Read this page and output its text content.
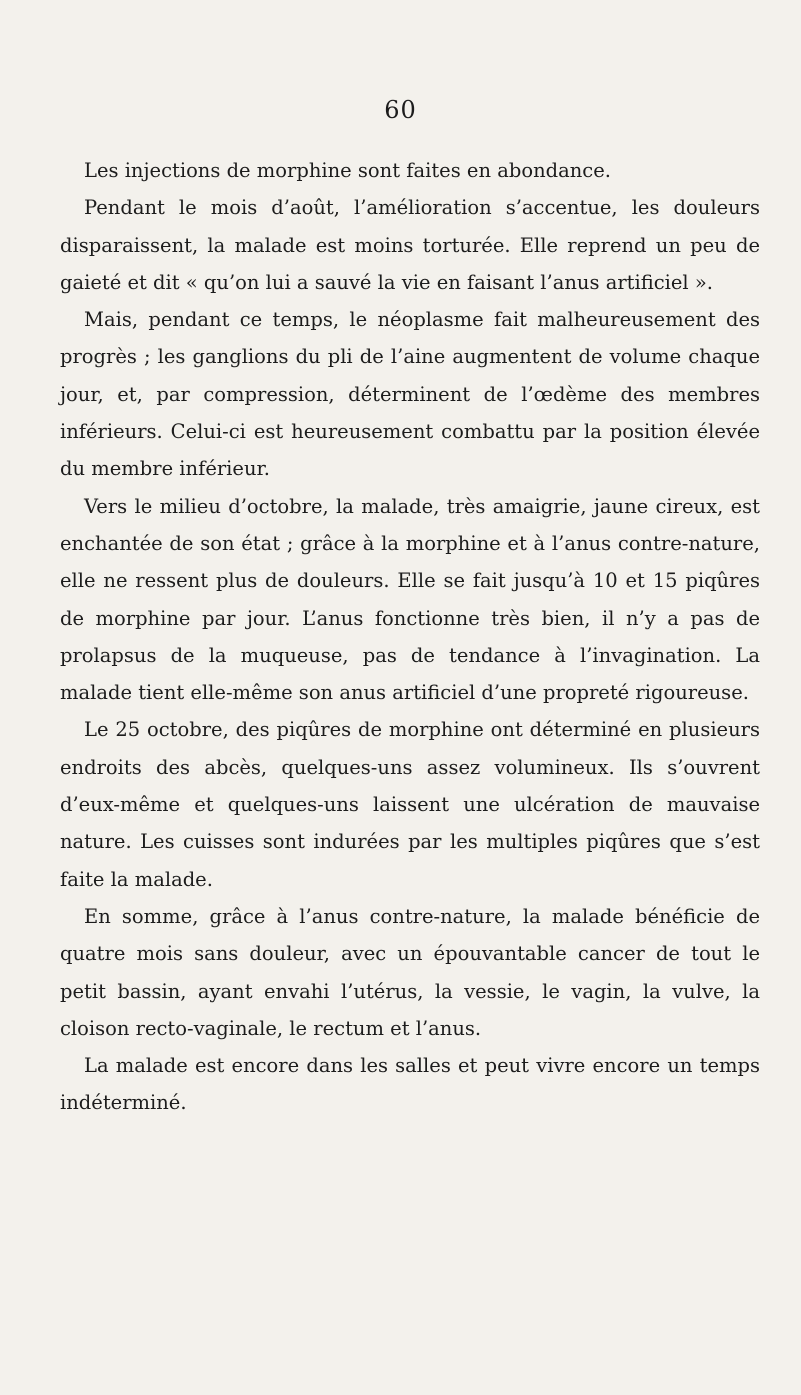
60

Les injections de morphine sont faites en abondance.

Pendant le mois d’août, l’amélioration s’accentue, les douleurs disparaissent, la malade est moins torturée. Elle reprend un peu de gaieté et dit « qu’on lui a sauvé la vie en faisant l’anus artificiel ».

Mais, pendant ce temps, le néoplasme fait malheureusement des progrès ; les ganglions du pli de l’aine augmentent de volume chaque jour, et, par compression, déterminent de l’œdème des membres inférieurs. Celui-ci est heureusement combattu par la position élevée du membre inférieur.

Vers le milieu d’octobre, la malade, très amaigrie, jaune cireux, est enchantée de son état ; grâce à la morphine et à l’anus contre-nature, elle ne ressent plus de douleurs. Elle se fait jusqu’à 10 et 15 piqûres de morphine par jour. L’anus fonctionne très bien, il n’y a pas de prolapsus de la muqueuse, pas de tendance à l’invagination. La malade tient elle-même son anus artificiel d’une propreté rigoureuse.

Le 25 octobre, des piqûres de morphine ont déterminé en plusieurs endroits des abcès, quelques-uns assez volumineux. Ils s’ouvrent d’eux-même et quelques-uns laissent une ulcération de mauvaise nature. Les cuisses sont indurées par les multiples piqûres que s’est faite la malade.

En somme, grâce à l’anus contre-nature, la malade bénéficie de quatre mois sans douleur, avec un épouvantable cancer de tout le petit bassin, ayant envahi l’utérus, la vessie, le vagin, la vulve, la cloison recto-vaginale, le rectum et l’anus.

La malade est encore dans les salles et peut vivre encore un temps indéterminé.
